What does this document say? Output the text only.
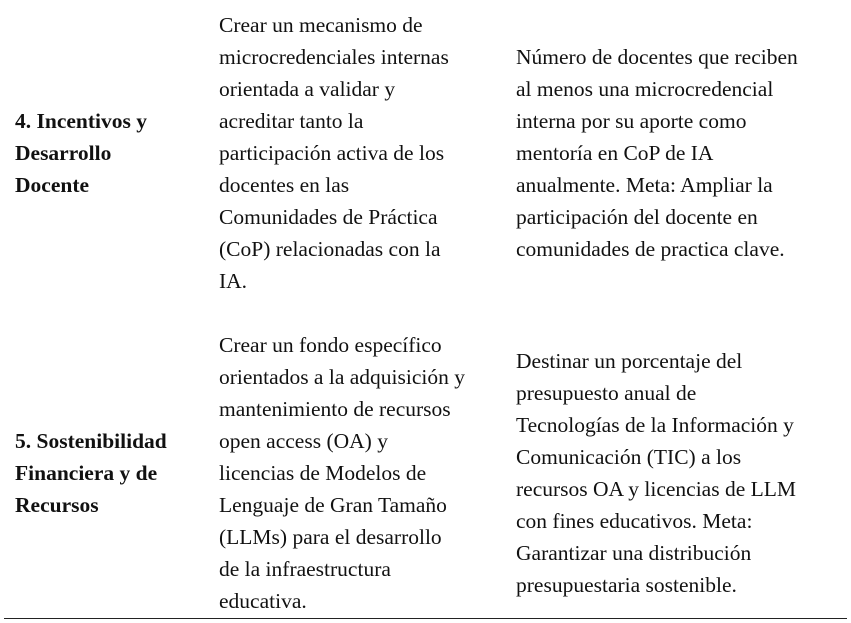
4. Incentivos y
Desarrollo
Docente
Crear un mecanismo de
microcredenciales internas
orientada a validar y
acreditar tanto la
participación activa de los
docentes en las
Comunidades de Práctica
(CoP) relacionadas con la
IA.
Número de docentes que reciben
al menos una microcredencial
interna por su aporte como
mentoría en CoP de IA
anualmente. Meta: Ampliar la
participación del docente en
comunidades de practica clave.
5. Sostenibilidad
Financiera y de
Recursos
Crear un fondo específico
orientados a la adquisición y
mantenimiento de recursos
open access (OA) y
licencias de Modelos de
Lenguaje de Gran Tamaño
(LLMs) para el desarrollo
de la infraestructura
educativa.
Destinar un porcentaje del
presupuesto anual de
Tecnologías de la Información y
Comunicación (TIC) a los
recursos OA y licencias de LLM
con fines educativos. Meta:
Garantizar una distribución
presupuestaria sostenible.
